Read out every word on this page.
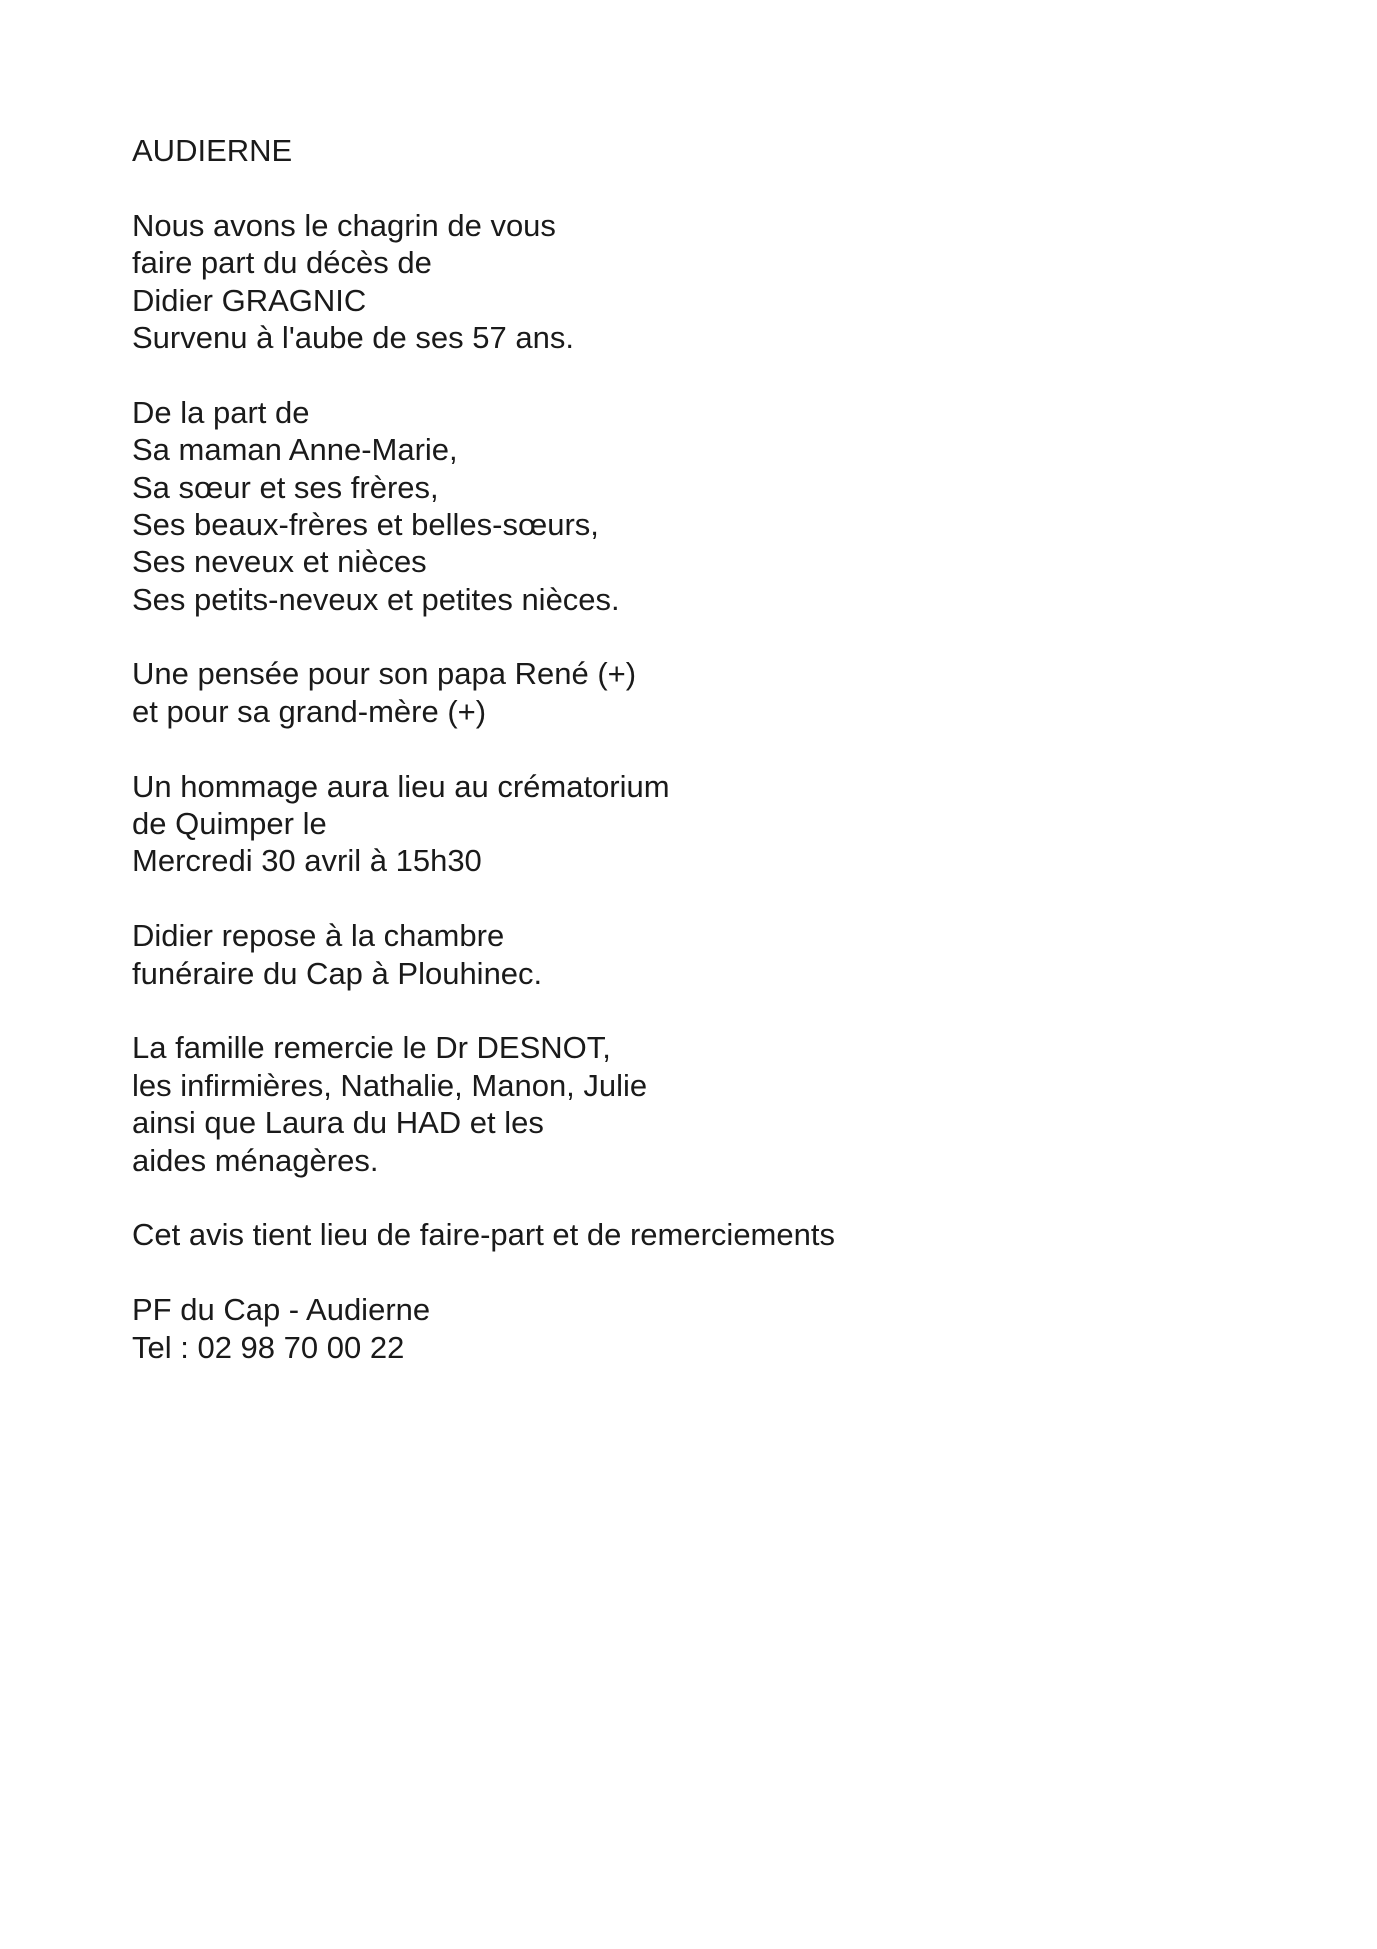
AUDIERNE
Nous avons le chagrin de vous
faire part du décès de
Didier GRAGNIC
Survenu à l'aube de ses 57 ans.
De la part de
Sa maman Anne-Marie,
Sa sœur et ses frères,
Ses beaux-frères et belles-sœurs,
Ses neveux et nièces
Ses petits-neveux et petites nièces.
Une pensée pour son papa René (+)
et pour sa grand-mère (+)
Un hommage aura lieu au crématorium
de Quimper le
Mercredi 30 avril à 15h30
Didier repose à la chambre
funéraire du Cap à Plouhinec.
La famille remercie le Dr DESNOT,
les infirmières, Nathalie, Manon, Julie
ainsi que Laura du HAD et les
aides ménagères.
Cet avis tient lieu de faire-part et de remerciements
PF du Cap - Audierne
Tel : 02 98 70 00 22
